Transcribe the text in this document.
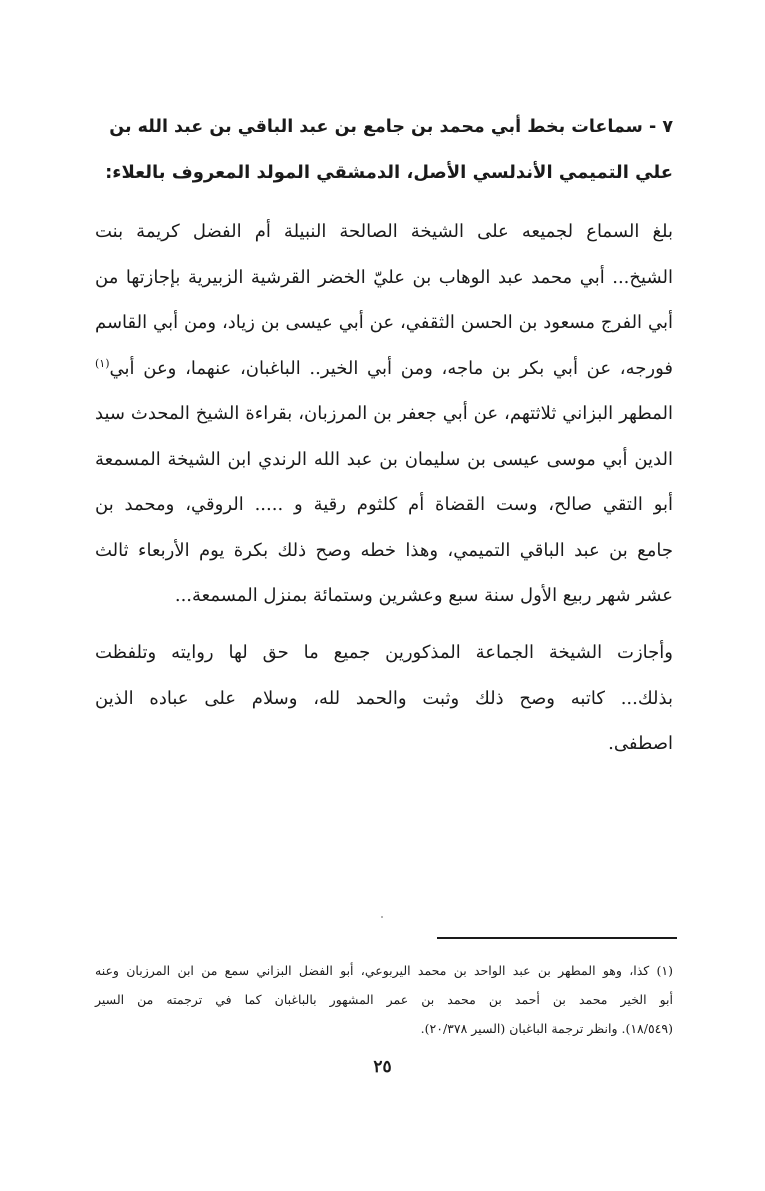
٧ - سماعات بخط أبي محمد بن جامع بن عبد الباقي بن عبد الله بن
علي التميمي الأندلسي الأصل، الدمشقي المولد المعروف بالعلاء:
بلغ السماع لجميعه على الشيخة الصالحة النبيلة أم الفضل كريمة بنت
الشيخ... أبي محمد عبد الوهاب بن عليّ الخضر القرشية الزبيرية بإجازتها من
أبي الفرج مسعود بن الحسن الثقفي، عن أبي عيسى بن زياد، ومن أبي القاسم
فورجه، عن أبي بكر بن ماجه، ومن أبي الخير.. الباغبان، عنهما، وعن أبي$^{(١)}$
المطهر البزاني ثلاثتهم، عن أبي جعفر بن المرزبان، بقراءة الشيخ المحدث سيد
الدين أبي موسى عيسى بن سليمان بن عبد الله الرندي ابن الشيخة المسمعة
أبو التقي صالح، وست القضاة أم كلثوم رقية و ..... الروقي، ومحمد بن
جامع بن عبد الباقي التميمي، وهذا خطه وصح ذلك بكرة يوم الأربعاء ثالث
عشر شهر ربيع الأول سنة سبع وعشرين وستمائة بمنزل المسمعة...
وأجازت الشيخة الجماعة المذكورين جميع ما حق لها روايته وتلفظت
بذلك... كاتبه وصح ذلك وثبت والحمد لله، وسلام على عباده الذين
اصطفى.
(١) كذا، وهو المطهر بن عبد الواحد بن محمد اليربوعي، أبو الفضل البزاني سمع من ابن المرزبان وعنه
أبو الخير محمد بن أحمد بن محمد بن عمر المشهور بالباغبان كما في ترجمته من السير
(١٨/٥٤٩). وانظر ترجمة الباغبان (السير ٢٠/٣٧٨).
٢٥
